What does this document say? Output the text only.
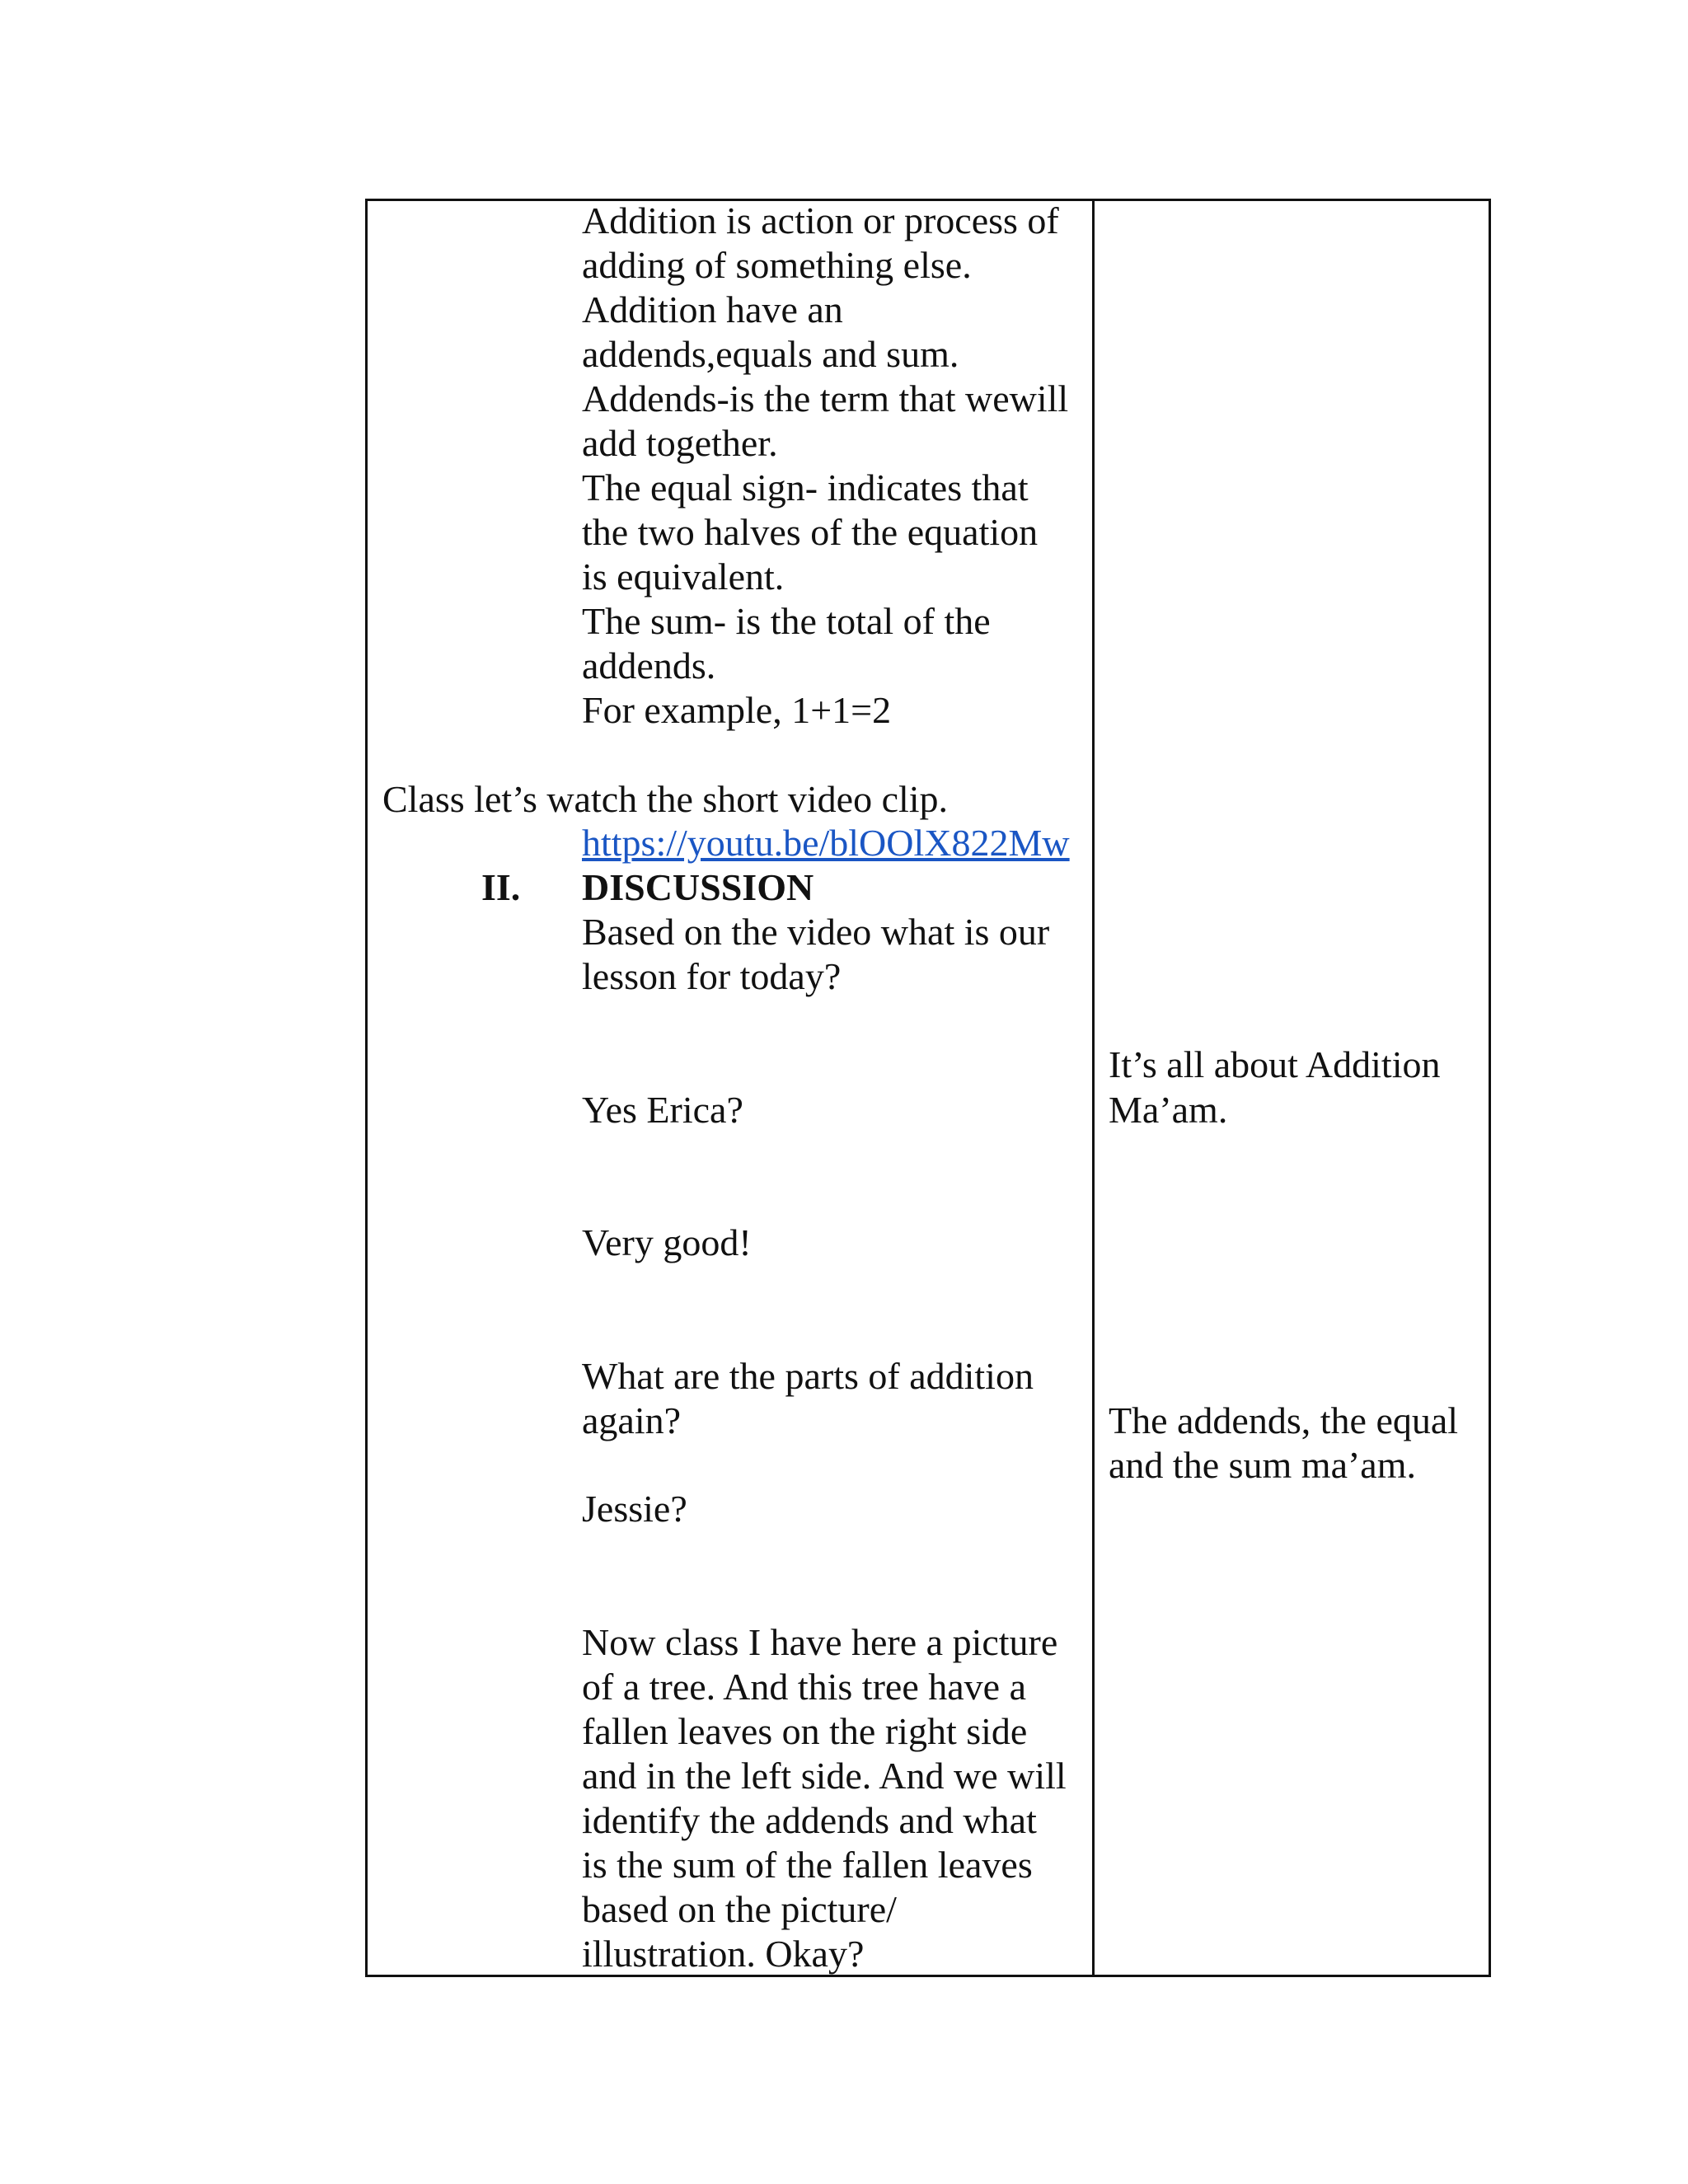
Addition is action or process of
adding of something else.
Addition have an
addends,equals and sum.
Addends-is the term that wewill
add together.
The equal sign- indicates that
the two halves of the equation
is equivalent.
The sum- is the total of the
addends.
For example, 1+1=2
Class let’s watch the short video clip.
https://youtu.be/blOOlX822Mw
II. DISCUSSION
Based on the video what is our
lesson for today?
Yes Erica?
Very good!
What are the parts of addition
again?
Jessie?
Now class I have here a picture
of a tree. And this tree have a
fallen leaves on the right side
and in the left side. And we will
identify the addends and what
is the sum of the fallen leaves
based on the picture/
illustration. Okay?
It’s all about Addition
Ma’am.
The addends, the equal
and the sum ma’am.
